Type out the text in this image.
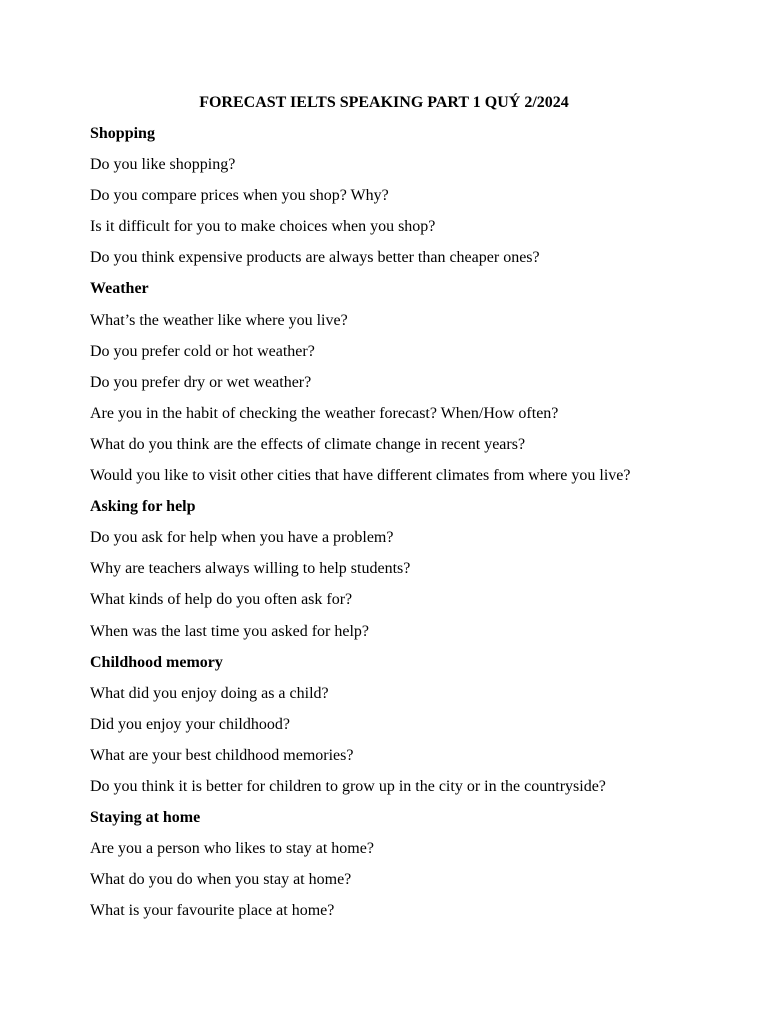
FORECAST IELTS SPEAKING PART 1 QUÝ 2/2024
Shopping
Do you like shopping?
Do you compare prices when you shop? Why?
Is it difficult for you to make choices when you shop?
Do you think expensive products are always better than cheaper ones?
Weather
What’s the weather like where you live?
Do you prefer cold or hot weather?
Do you prefer dry or wet weather?
Are you in the habit of checking the weather forecast? When/How often?
What do you think are the effects of climate change in recent years?
Would you like to visit other cities that have different climates from where you live?
Asking for help
Do you ask for help when you have a problem?
Why are teachers always willing to help students?
What kinds of help do you often ask for?
When was the last time you asked for help?
Childhood memory
What did you enjoy doing as a child?
Did you enjoy your childhood?
What are your best childhood memories?
Do you think it is better for children to grow up in the city or in the countryside?
Staying at home
Are you a person who likes to stay at home?
What do you do when you stay at home?
What is your favourite place at home?
